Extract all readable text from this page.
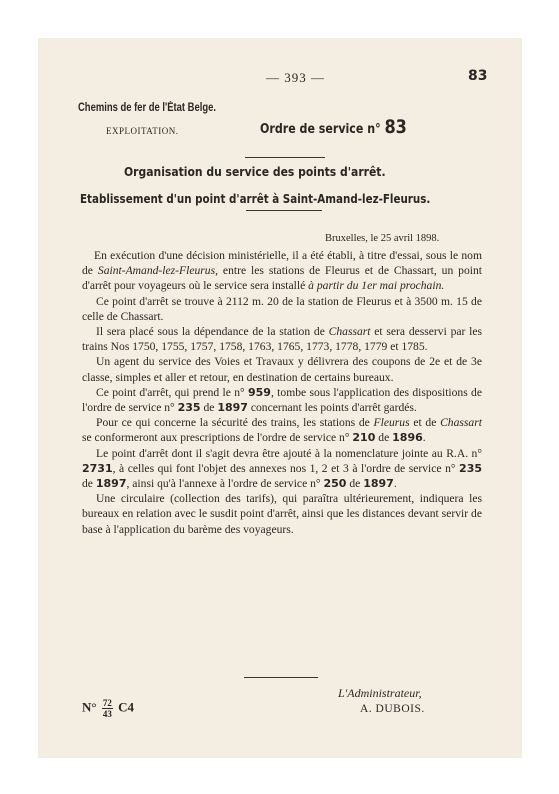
— 393 —	83
Chemins de fer de l'État Belge.
EXPLOITATION.	Ordre de service n° 83
Organisation du service des points d'arrêt.
Etablissement d'un point d'arrêt à Saint-Amand-lez-Fleurus.
Bruxelles, le 25 avril 1898.

En exécution d'une décision ministérielle, il a été établi, à titre d'essai, sous le nom de Saint-Amand-lez-Fleurus, entre les stations de Fleurus et de Chassart, un point d'arrêt pour voyageurs où le service sera installé à partir du 1er mai prochain.

Ce point d'arrêt se trouve à 2112 m. 20 de la station de Fleurus et à 3500 m. 15 de celle de Chassart.

Il sera placé sous la dépendance de la station de Chassart et sera desservi par les trains Nos 1750, 1755, 1757, 1758, 1763, 1765, 1773, 1778, 1779 et 1785.

Un agent du service des Voies et Travaux y délivrera des coupons de 2e et de 3e classe, simples et aller et retour, en destination de certains bureaux.

Ce point d'arrêt, qui prend le n° 959, tombe sous l'application des dispositions de l'ordre de service n° 235 de 1897 concernant les points d'arrêt gardés.

Pour ce qui concerne la sécurité des trains, les stations de Fleurus et de Chassart se conformeront aux prescriptions de l'ordre de service n° 210 de 1896.

Le point d'arrêt dont il s'agit devra être ajouté à la nomenclature jointe au R.A. n° 2731, à celles qui font l'objet des annexes nos 1, 2 et 3 à l'ordre de service n° 235 de 1897, ainsi qu'à l'annexe à l'ordre de service n° 250 de 1897.

Une circulaire (collection des tarifs), qui paraîtra ultérieurement, indiquera les bureaux en relation avec le susdit point d'arrêt, ainsi que les distances devant servir de base à l'application du barème des voyageurs.

$N^\circ \frac{72}{43} C4$
L'Administrateur,
A. DUBOIS.
